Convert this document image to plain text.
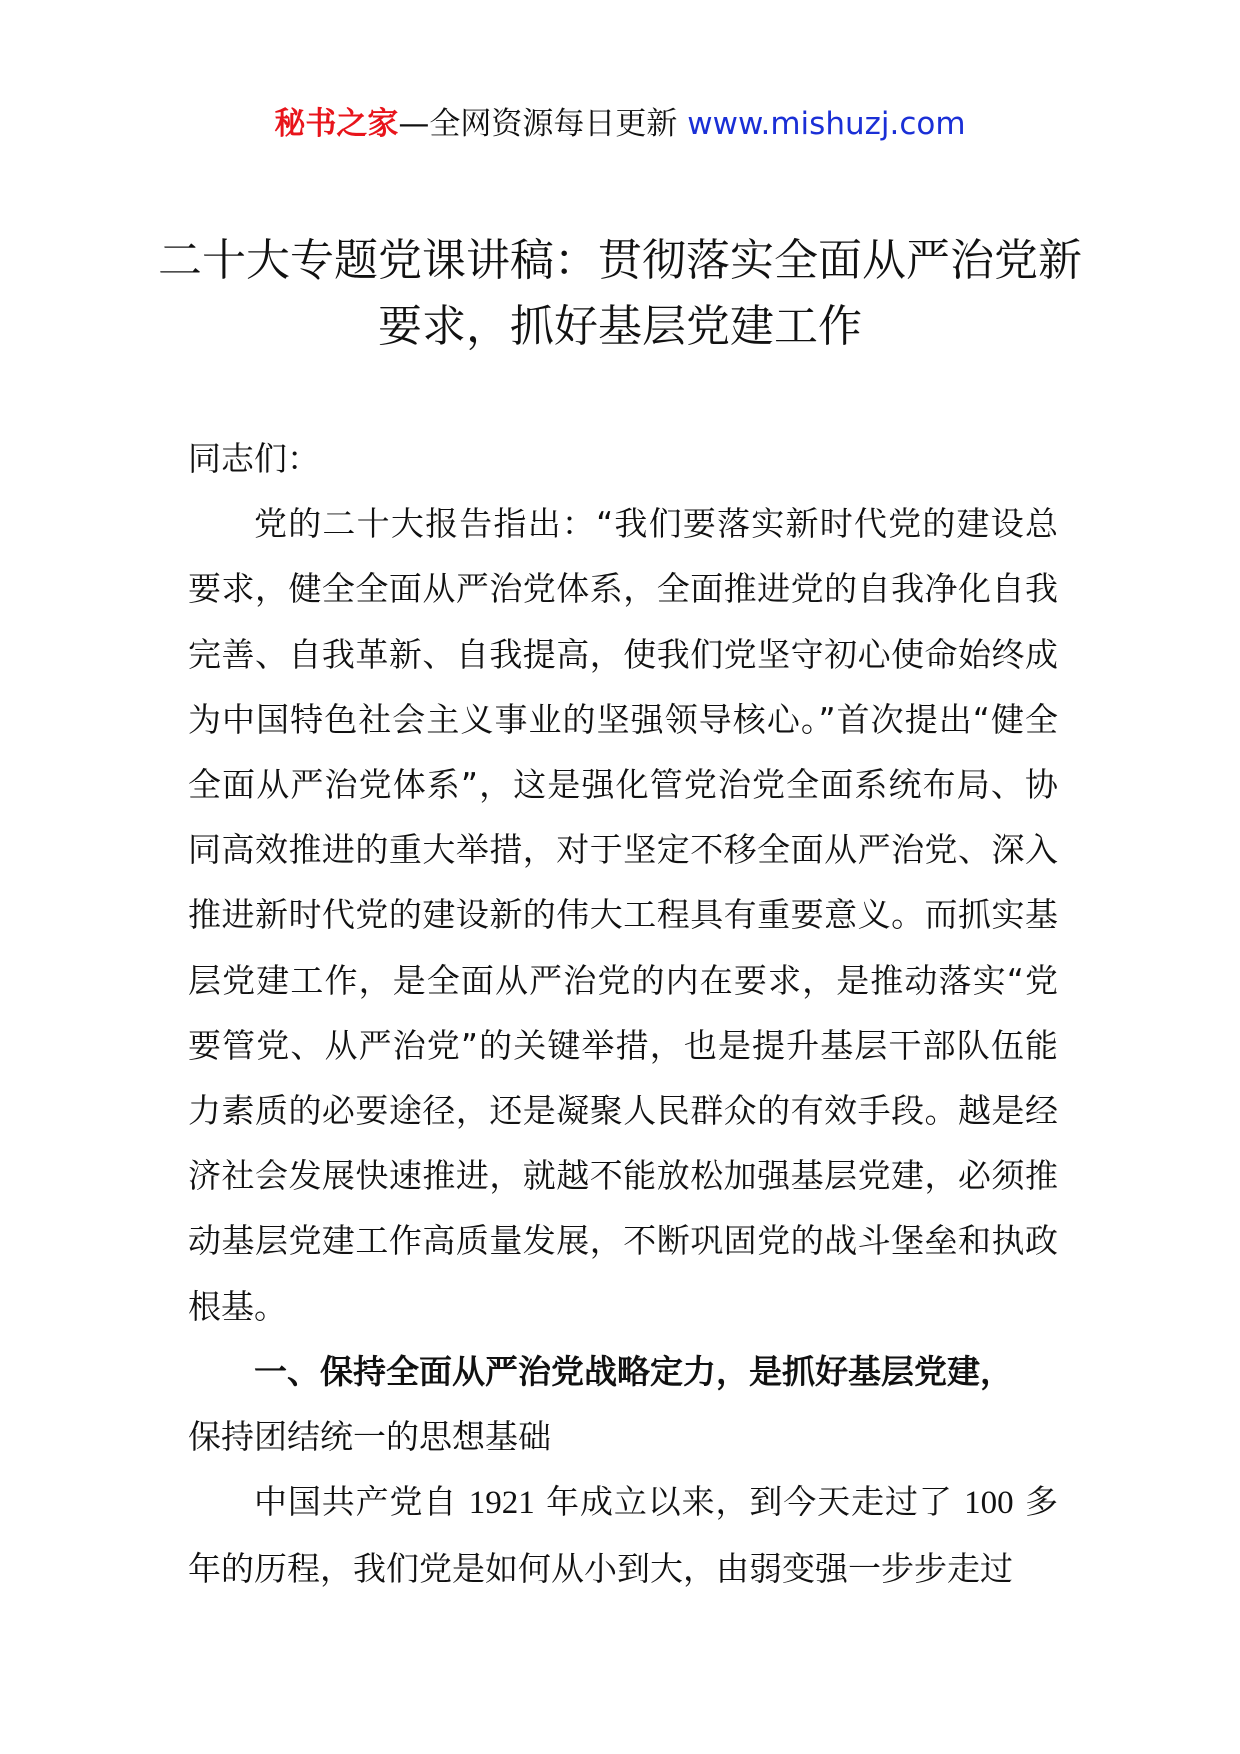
秘书之家—全网资源每日更新 www.mishuzj.com
二十大专题党课讲稿：贯彻落实全面从严治党新要求，抓好基层党建工作

同志们：

党的二十大报告指出：“我们要落实新时代党的建设总要求，健全全面从严治党体系，全面推进党的自我净化自我完善、自我革新、自我提高，使我们党坚守初心使命始终成为中国特色社会主义事业的坚强领导核心。”首次提出“健全全面从严治党体系”，这是强化管党治党全面系统布局、协同高效推进的重大举措，对于坚定不移全面从严治党、深入推进新时代党的建设新的伟大工程具有重要意义。而抓实基层党建工作，是全面从严治党的内在要求，是推动落实“党要管党、从严治党”的关键举措，也是提升基层干部队伍能力素质的必要途径，还是凝聚人民群众的有效手段。越是经济社会发展快速推进，就越不能放松加强基层党建，必须推动基层党建工作高质量发展，不断巩固党的战斗堡垒和执政根基。

一、保持全面从严治党战略定力，是抓好基层党建，
保持团结统一的思想基础

中国共产党自 1921 年成立以来，到今天走过了 100 多年的历程，我们党是如何从小到大，由弱变强一步步走过
